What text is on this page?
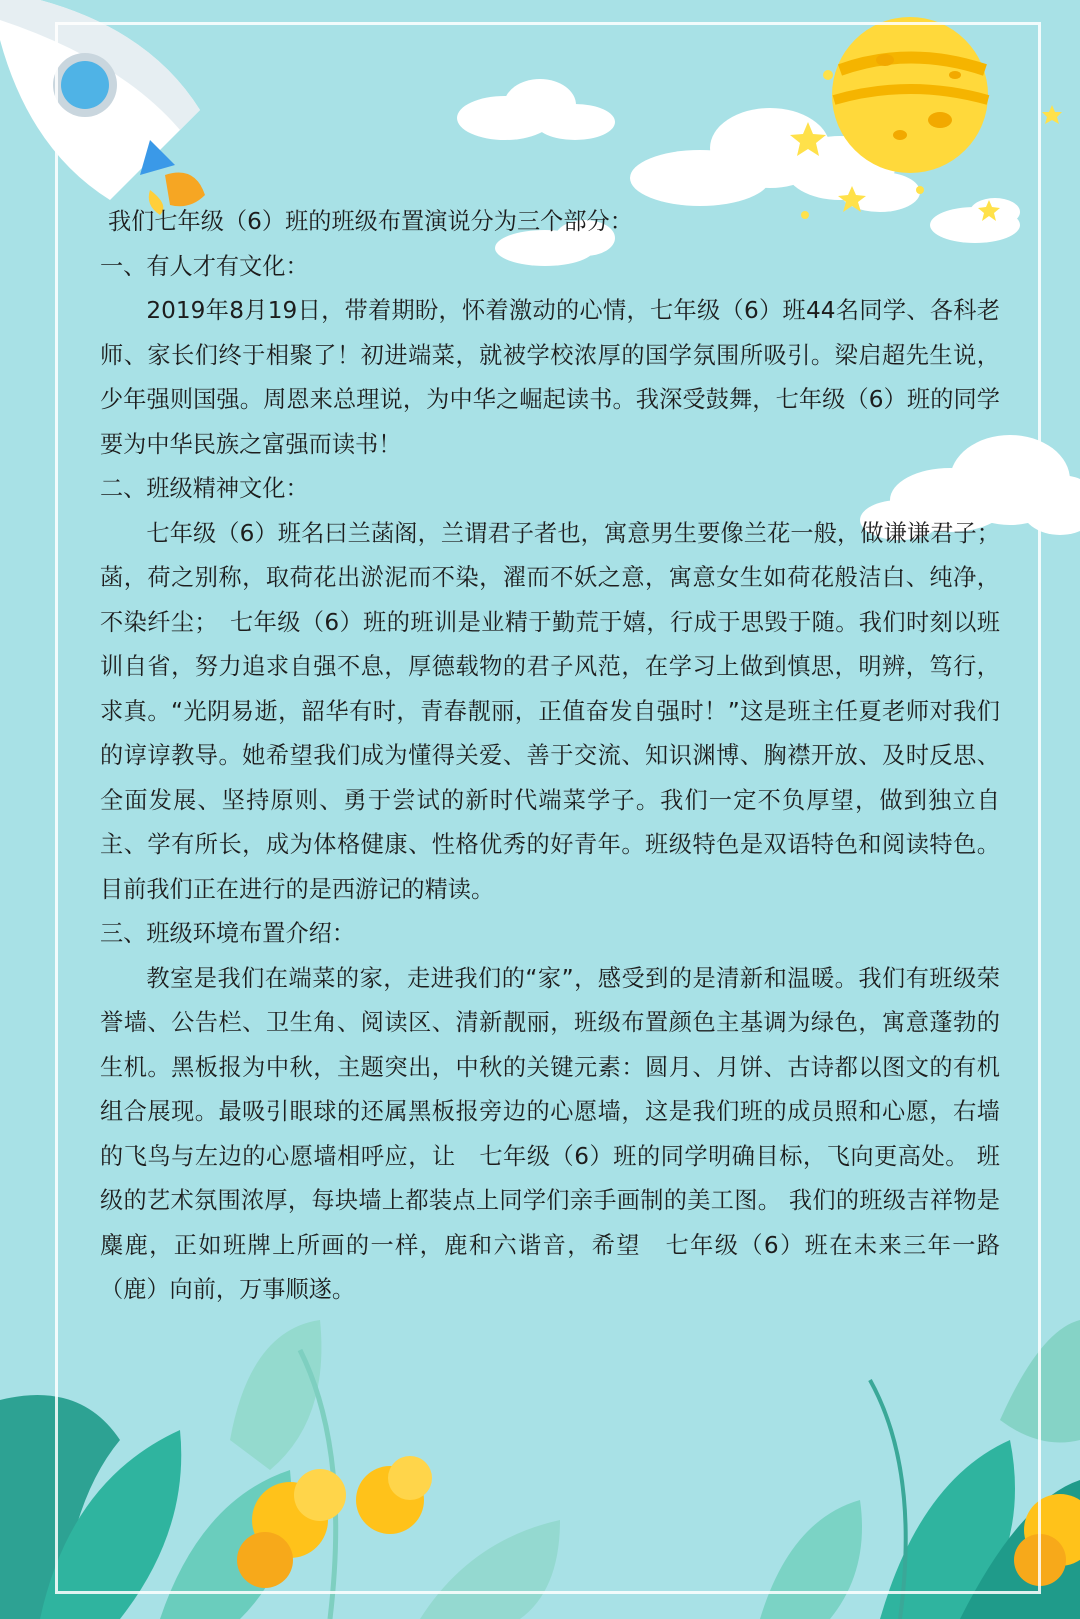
我们七年级（6）班的班级布置演说分为三个部分：

一、有人才有文化：

2019年8月19日，带着期盼，怀着激动的心情，七年级（6）班44名同学、各科老师、家长们终于相聚了！初进端菜，就被学校浓厚的国学氛围所吸引。梁启超先生说，少年强则国强。周恩来总理说，为中华之崛起读书。我深受鼓舞，七年级（6）班的同学要为中华民族之富强而读书！

二、班级精神文化：

七年级（6）班名曰兰菡阁，兰谓君子者也，寓意男生要像兰花一般，做谦谦君子；菡，荷之别称，取荷花出淤泥而不染，濯而不妖之意，寓意女生如荷花般洁白、纯净，不染纤尘；　七年级（6）班的班训是业精于勤荒于嬉，行成于思毁于随。我们时刻以班训自省，努力追求自强不息，厚德载物的君子风范，在学习上做到慎思，明辨，笃行，求真。“光阴易逝，韶华有时，青春靓丽，正值奋发自强时！”这是班主任夏老师对我们的谆谆教导。她希望我们成为懂得关爱、善于交流、知识渊博、胸襟开放、及时反思、全面发展、坚持原则、勇于尝试的新时代端菜学子。我们一定不负厚望，做到独立自主、学有所长，成为体格健康、性格优秀的好青年。班级特色是双语特色和阅读特色。目前我们正在进行的是西游记的精读。

三、班级环境布置介绍：

教室是我们在端菜的家，走进我们的“家”，感受到的是清新和温暖。我们有班级荣誉墙、公告栏、卫生角、阅读区、清新靓丽，班级布置颜色主基调为绿色，寓意蓬勃的生机。黑板报为中秋，主题突出，中秋的关键元素：圆月、月饼、古诗都以图文的有机组合展现。最吸引眼球的还属黑板报旁边的心愿墙，这是我们班的成员照和心愿，右墙的飞鸟与左边的心愿墙相呼应，让　七年级（6）班的同学明确目标，飞向更高处。 班级的艺术氛围浓厚，每块墙上都装点上同学们亲手画制的美工图。 我们的班级吉祥物是麋鹿，正如班牌上所画的一样，鹿和六谐音，希望　七年级（6）班在未来三年一路（鹿）向前，万事顺遂。
